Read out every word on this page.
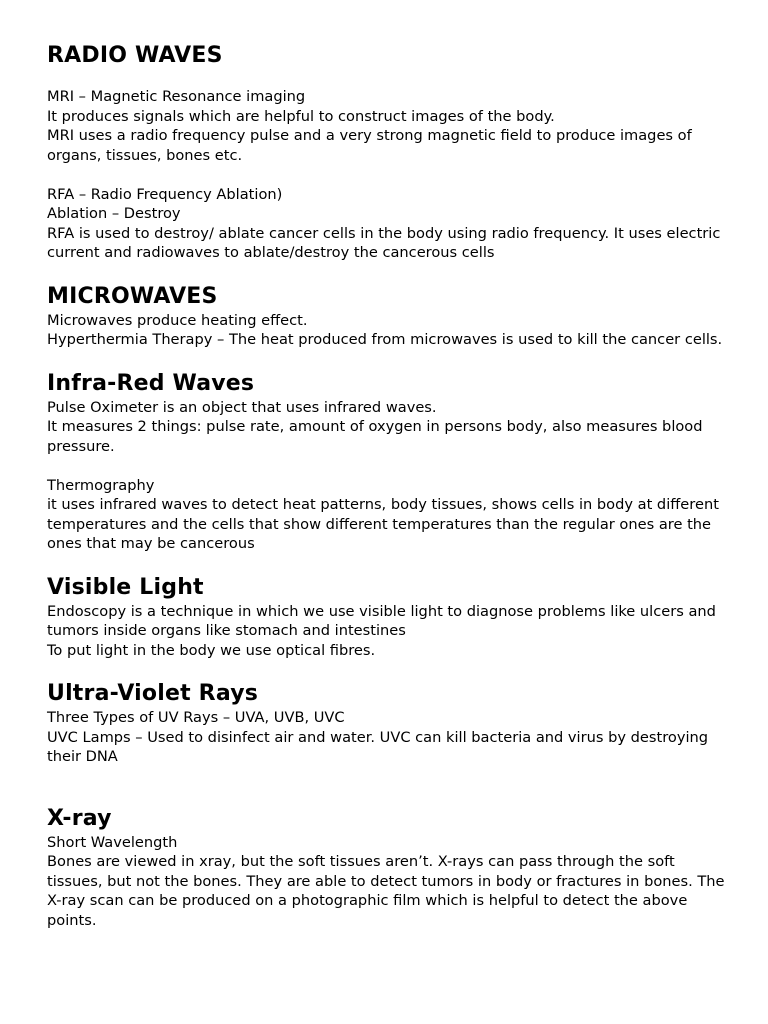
RADIO WAVES

MRI – Magnetic Resonance imaging

It produces signals which are helpful to construct images of the body.

MRI uses a radio frequency pulse and a very strong magnetic field to produce images of organs, tissues, bones etc.

RFA – Radio Frequency Ablation)

Ablation – Destroy

RFA is used to destroy/ ablate cancer cells in the body using radio frequency. It uses electric current and radiowaves to ablate/destroy the cancerous cells

MICROWAVES

Microwaves produce heating effect.

Hyperthermia Therapy – The heat produced from microwaves is used to kill the cancer cells.

Infra-Red Waves

Pulse Oximeter is an object that uses infrared waves.

It measures 2 things: pulse rate, amount of oxygen in persons body, also measures blood pressure.

Thermography

it uses infrared waves to detect heat patterns, body tissues, shows cells in body at different temperatures and the cells that show different temperatures than the regular ones are the ones that may be cancerous

Visible Light

Endoscopy is a technique in which we use visible light to diagnose problems like ulcers and tumors inside organs like stomach and intestines

To put light in the body we use optical fibres.

Ultra-Violet Rays

Three Types of UV Rays – UVA, UVB, UVC

UVC Lamps – Used to disinfect air and water. UVC can kill bacteria and virus by destroying their DNA

X-ray

Short Wavelength

Bones are viewed in xray, but the soft tissues aren’t. X-rays can pass through the soft tissues, but not the bones. They are able to detect tumors in body or fractures in bones. The X-ray scan can be produced on a photographic film which is helpful to detect the above points.
